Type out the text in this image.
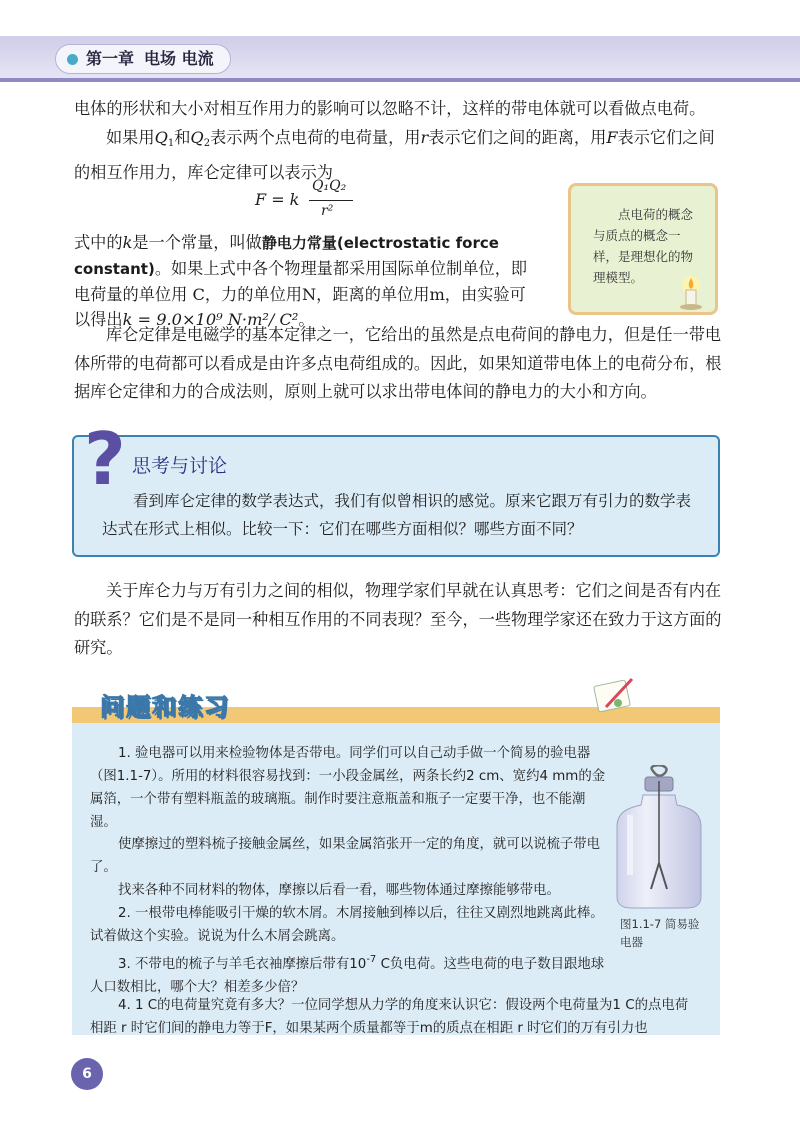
第一章 电场 电流

电体的形状和大小对相互作用力的影响可以忽略不计，这样的带电体就可以看做点电荷。

如果用$Q_1$和$Q_2$表示两个点电荷的电荷量，用r表示它们之间的距离，用F表示它们之间的相互作用力，库仑定律可以表示为

F = k
Q₁Q₂
r²

式中的k是一个常量，叫做静电力常量(electrostatic force constant)。如果上式中各个物理量都采用国际单位制单位，即电荷量的单位用 C，力的单位用N，距离的单位用m，由实验可以得出k = 9.0×10⁹ N·m²/ C²。

点电荷的概念与质点的概念一样，是理想化的物理模型。

库仑定律是电磁学的基本定律之一，它给出的虽然是点电荷间的静电力，但是任一带电体所带的电荷都可以看成是由许多点电荷组成的。因此，如果知道带电体上的电荷分布，根据库仑定律和力的合成法则，原则上就可以求出带电体间的静电力的大小和方向。

? 思考与讨论

看到库仑定律的数学表达式，我们有似曾相识的感觉。原来它跟万有引力的数学表达式在形式上相似。比较一下：它们在哪些方面相似？哪些方面不同？

关于库仑力与万有引力之间的相似，物理学家们早就在认真思考：它们之间是否有内在的联系？它们是不是同一种相互作用的不同表现？至今，一些物理学家还在致力于这方面的研究。

问题和练习

1. 验电器可以用来检验物体是否带电。同学们可以自己动手做一个简易的验电器（图1.1-7）。所用的材料很容易找到：一小段金属丝，两条长约2 cm、宽约4 mm的金属箔，一个带有塑料瓶盖的玻璃瓶。制作时要注意瓶盖和瓶子一定要干净，也不能潮湿。

使摩擦过的塑料梳子接触金属丝，如果金属箔张开一定的角度，就可以说梳子带电了。

找来各种不同材料的物体，摩擦以后看一看，哪些物体通过摩擦能够带电。

2. 一根带电棒能吸引干燥的软木屑。木屑接触到棒以后，往往又剧烈地跳离此棒。试着做这个实验。说说为什么木屑会跳离。

3. 不带电的梳子与羊毛衣袖摩擦后带有$10^{-7}$ C负电荷。这些电荷的电子数目跟地球人口数相比，哪个大？相差多少倍？

4. 1 C的电荷量究竟有多大？一位同学想从力学的角度来认识它：假设两个电荷量为1 C的点电荷相距 r 时它们间的静电力等于F，如果某两个质量都等于m的质点在相距 r 时它们的万有引力也

图1.1-7 简易验电器

6
